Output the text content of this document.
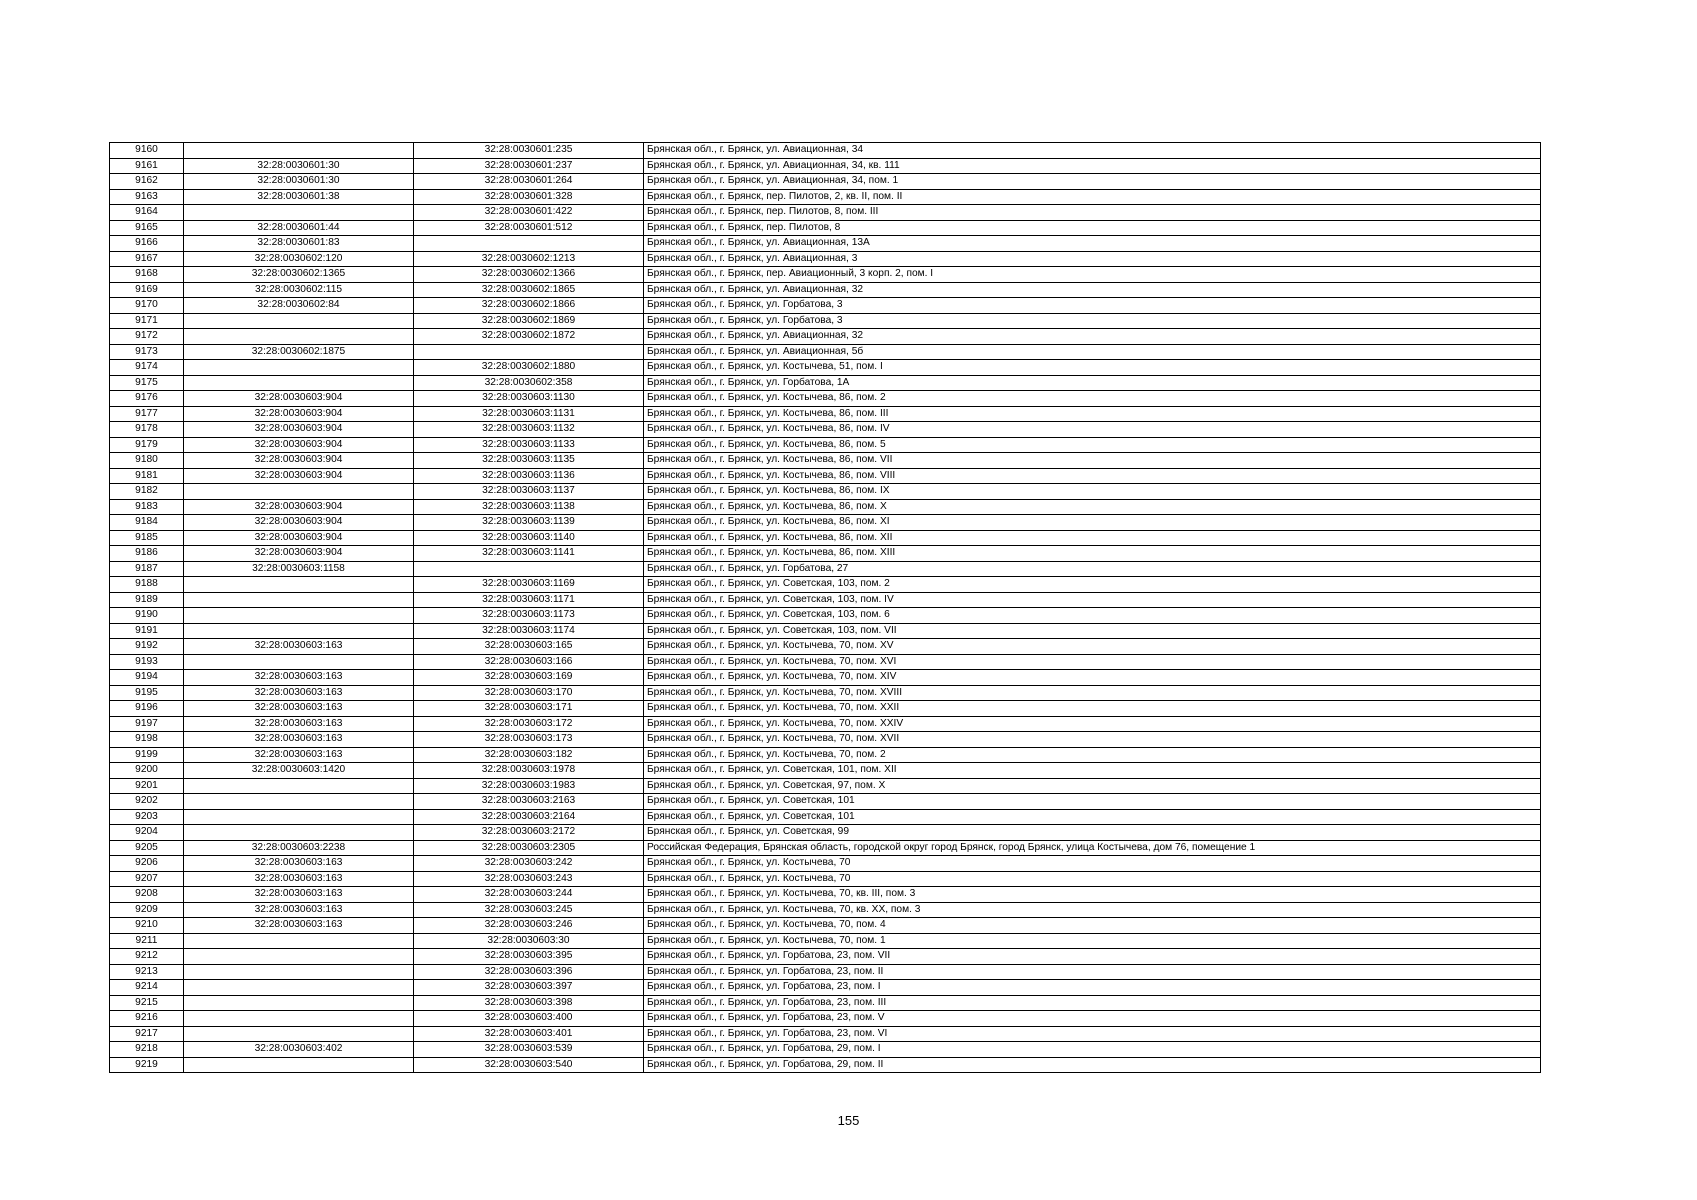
9160		32:28:0030601:235	Брянская обл., г. Брянск, ул. Авиационная, 34
9161	32:28:0030601:30	32:28:0030601:237	Брянская обл., г. Брянск, ул. Авиационная, 34, кв. 111
9162	32:28:0030601:30	32:28:0030601:264	Брянская обл., г. Брянск, ул. Авиационная, 34, пом. 1
9163	32:28:0030601:38	32:28:0030601:328	Брянская обл., г. Брянск, пер. Пилотов, 2, кв. II, пом. II
9164		32:28:0030601:422	Брянская обл., г. Брянск, пер. Пилотов, 8, пом. III
9165	32:28:0030601:44	32:28:0030601:512	Брянская обл., г. Брянск, пер. Пилотов, 8
9166	32:28:0030601:83		Брянская обл., г. Брянск, ул. Авиационная, 13А
9167	32:28:0030602:120	32:28:0030602:1213	Брянская обл., г. Брянск, ул. Авиационная, 3
9168	32:28:0030602:1365	32:28:0030602:1366	Брянская обл., г. Брянск, пер. Авиационный, 3 корп. 2, пом. I
9169	32:28:0030602:115	32:28:0030602:1865	Брянская обл., г. Брянск, ул. Авиационная, 32
9170	32:28:0030602:84	32:28:0030602:1866	Брянская обл., г. Брянск, ул. Горбатова, 3
9171		32:28:0030602:1869	Брянская обл., г. Брянск, ул. Горбатова, 3
9172		32:28:0030602:1872	Брянская обл., г. Брянск, ул. Авиационная, 32
9173	32:28:0030602:1875		Брянская обл., г. Брянск, ул. Авиационная, 5б
9174		32:28:0030602:1880	Брянская обл., г. Брянск, ул. Костычева, 51, пом. I
9175		32:28:0030602:358	Брянская обл., г. Брянск, ул. Горбатова, 1А
9176	32:28:0030603:904	32:28:0030603:1130	Брянская обл., г. Брянск, ул. Костычева, 86, пом. 2
9177	32:28:0030603:904	32:28:0030603:1131	Брянская обл., г. Брянск, ул. Костычева, 86, пом. III
9178	32:28:0030603:904	32:28:0030603:1132	Брянская обл., г. Брянск, ул. Костычева, 86, пом. IV
9179	32:28:0030603:904	32:28:0030603:1133	Брянская обл., г. Брянск, ул. Костычева, 86, пом. 5
9180	32:28:0030603:904	32:28:0030603:1135	Брянская обл., г. Брянск, ул. Костычева, 86, пом. VII
9181	32:28:0030603:904	32:28:0030603:1136	Брянская обл., г. Брянск, ул. Костычева, 86, пом. VIII
9182		32:28:0030603:1137	Брянская обл., г. Брянск, ул. Костычева, 86, пом. IX
9183	32:28:0030603:904	32:28:0030603:1138	Брянская обл., г. Брянск, ул. Костычева, 86, пом. X
9184	32:28:0030603:904	32:28:0030603:1139	Брянская обл., г. Брянск, ул. Костычева, 86, пом. XI
9185	32:28:0030603:904	32:28:0030603:1140	Брянская обл., г. Брянск, ул. Костычева, 86, пом. XII
9186	32:28:0030603:904	32:28:0030603:1141	Брянская обл., г. Брянск, ул. Костычева, 86, пом. XIII
9187	32:28:0030603:1158		Брянская обл., г. Брянск, ул. Горбатова, 27
9188		32:28:0030603:1169	Брянская обл., г. Брянск, ул. Советская, 103, пом. 2
9189		32:28:0030603:1171	Брянская обл., г. Брянск, ул. Советская, 103, пом. IV
9190		32:28:0030603:1173	Брянская обл., г. Брянск, ул. Советская, 103, пом. 6
9191		32:28:0030603:1174	Брянская обл., г. Брянск, ул. Советская, 103, пом. VII
9192	32:28:0030603:163	32:28:0030603:165	Брянская обл., г. Брянск, ул. Костычева, 70, пом. XV
9193		32:28:0030603:166	Брянская обл., г. Брянск, ул. Костычева, 70, пом. XVI
9194	32:28:0030603:163	32:28:0030603:169	Брянская обл., г. Брянск, ул. Костычева, 70, пом. XIV
9195	32:28:0030603:163	32:28:0030603:170	Брянская обл., г. Брянск, ул. Костычева, 70, пом. XVIII
9196	32:28:0030603:163	32:28:0030603:171	Брянская обл., г. Брянск, ул. Костычева, 70, пом. XXII
9197	32:28:0030603:163	32:28:0030603:172	Брянская обл., г. Брянск, ул. Костычева, 70, пом. XXIV
9198	32:28:0030603:163	32:28:0030603:173	Брянская обл., г. Брянск, ул. Костычева, 70, пом. XVII
9199	32:28:0030603:163	32:28:0030603:182	Брянская обл., г. Брянск, ул. Костычева, 70, пом. 2
9200	32:28:0030603:1420	32:28:0030603:1978	Брянская обл., г. Брянск, ул. Советская, 101, пом. XII
9201		32:28:0030603:1983	Брянская обл., г. Брянск, ул. Советская, 97, пом. X
9202		32:28:0030603:2163	Брянская обл., г. Брянск, ул. Советская, 101
9203		32:28:0030603:2164	Брянская обл., г. Брянск, ул. Советская, 101
9204		32:28:0030603:2172	Брянская обл., г. Брянск, ул. Советская, 99
9205	32:28:0030603:2238	32:28:0030603:2305	Российская Федерация, Брянская область, городской округ город Брянск, город Брянск, улица Костычева, дом 76, помещение 1
9206	32:28:0030603:163	32:28:0030603:242	Брянская обл., г. Брянск, ул. Костычева, 70
9207	32:28:0030603:163	32:28:0030603:243	Брянская обл., г. Брянск, ул. Костычева, 70
9208	32:28:0030603:163	32:28:0030603:244	Брянская обл., г. Брянск, ул. Костычева, 70, кв. III, пом. 3
9209	32:28:0030603:163	32:28:0030603:245	Брянская обл., г. Брянск, ул. Костычева, 70, кв. XX, пом. 3
9210	32:28:0030603:163	32:28:0030603:246	Брянская обл., г. Брянск, ул. Костычева, 70, пом. 4
9211		32:28:0030603:30	Брянская обл., г. Брянск, ул. Костычева, 70, пом. 1
9212		32:28:0030603:395	Брянская обл., г. Брянск, ул. Горбатова, 23, пом. VII
9213		32:28:0030603:396	Брянская обл., г. Брянск, ул. Горбатова, 23, пом. II
9214		32:28:0030603:397	Брянская обл., г. Брянск, ул. Горбатова, 23, пом. I
9215		32:28:0030603:398	Брянская обл., г. Брянск, ул. Горбатова, 23, пом. III
9216		32:28:0030603:400	Брянская обл., г. Брянск, ул. Горбатова, 23, пом. V
9217		32:28:0030603:401	Брянская обл., г. Брянск, ул. Горбатова, 23, пом. VI
9218	32:28:0030603:402	32:28:0030603:539	Брянская обл., г. Брянск, ул. Горбатова, 29, пом. I
9219		32:28:0030603:540	Брянская обл., г. Брянск, ул. Горбатова, 29, пом. II
155
